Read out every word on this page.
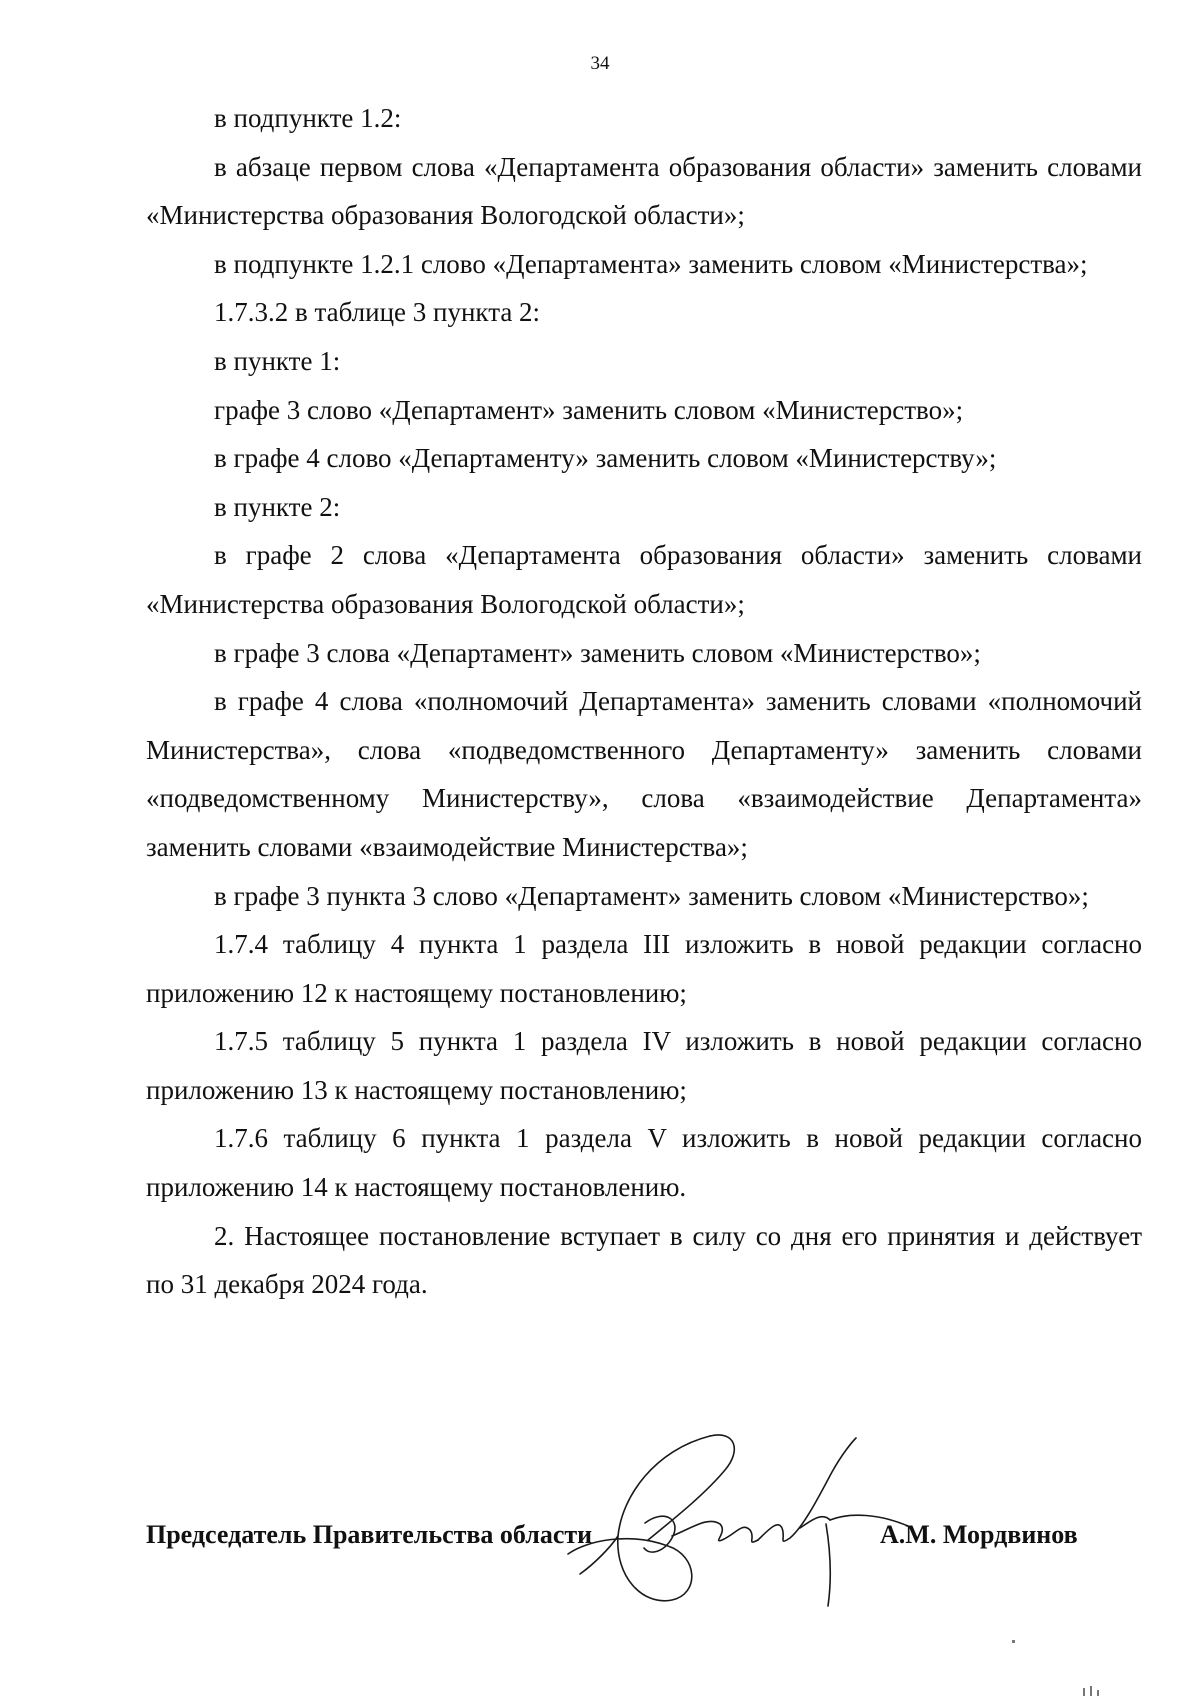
34

в подпункте 1.2:

в абзаце первом слова «Департамента образования области» заменить словами «Министерства образования Вологодской области»;

в подпункте 1.2.1 слово «Департамента» заменить словом «Министерства»;

1.7.3.2 в таблице 3 пункта 2:

в пункте 1:

графе 3 слово «Департамент» заменить словом «Министерство»;

в графе 4 слово «Департаменту» заменить словом «Министерству»;

в пункте 2:

в графе 2 слова «Департамента образования области» заменить словами «Министерства образования Вологодской области»;

в графе 3 слова «Департамент» заменить словом «Министерство»;

в графе 4 слова «полномочий Департамента» заменить словами «полномочий Министерства», слова «подведомственного Департаменту» заменить словами «подведомственному Министерству», слова «взаимодействие Департамента» заменить словами «взаимодействие Министерства»;

в графе 3 пункта 3 слово «Департамент» заменить словом «Министерство»;

1.7.4 таблицу 4 пункта 1 раздела III изложить в новой редакции согласно приложению 12 к настоящему постановлению;

1.7.5 таблицу 5 пункта 1 раздела IV изложить в новой редакции согласно приложению 13 к настоящему постановлению;

1.7.6 таблицу 6 пункта 1 раздела V изложить в новой редакции согласно приложению 14 к настоящему постановлению.

2. Настоящее постановление вступает в силу со дня его принятия и действует по 31 декабря 2024 года.

Председатель Правительства области	А.М. Мордвинов
